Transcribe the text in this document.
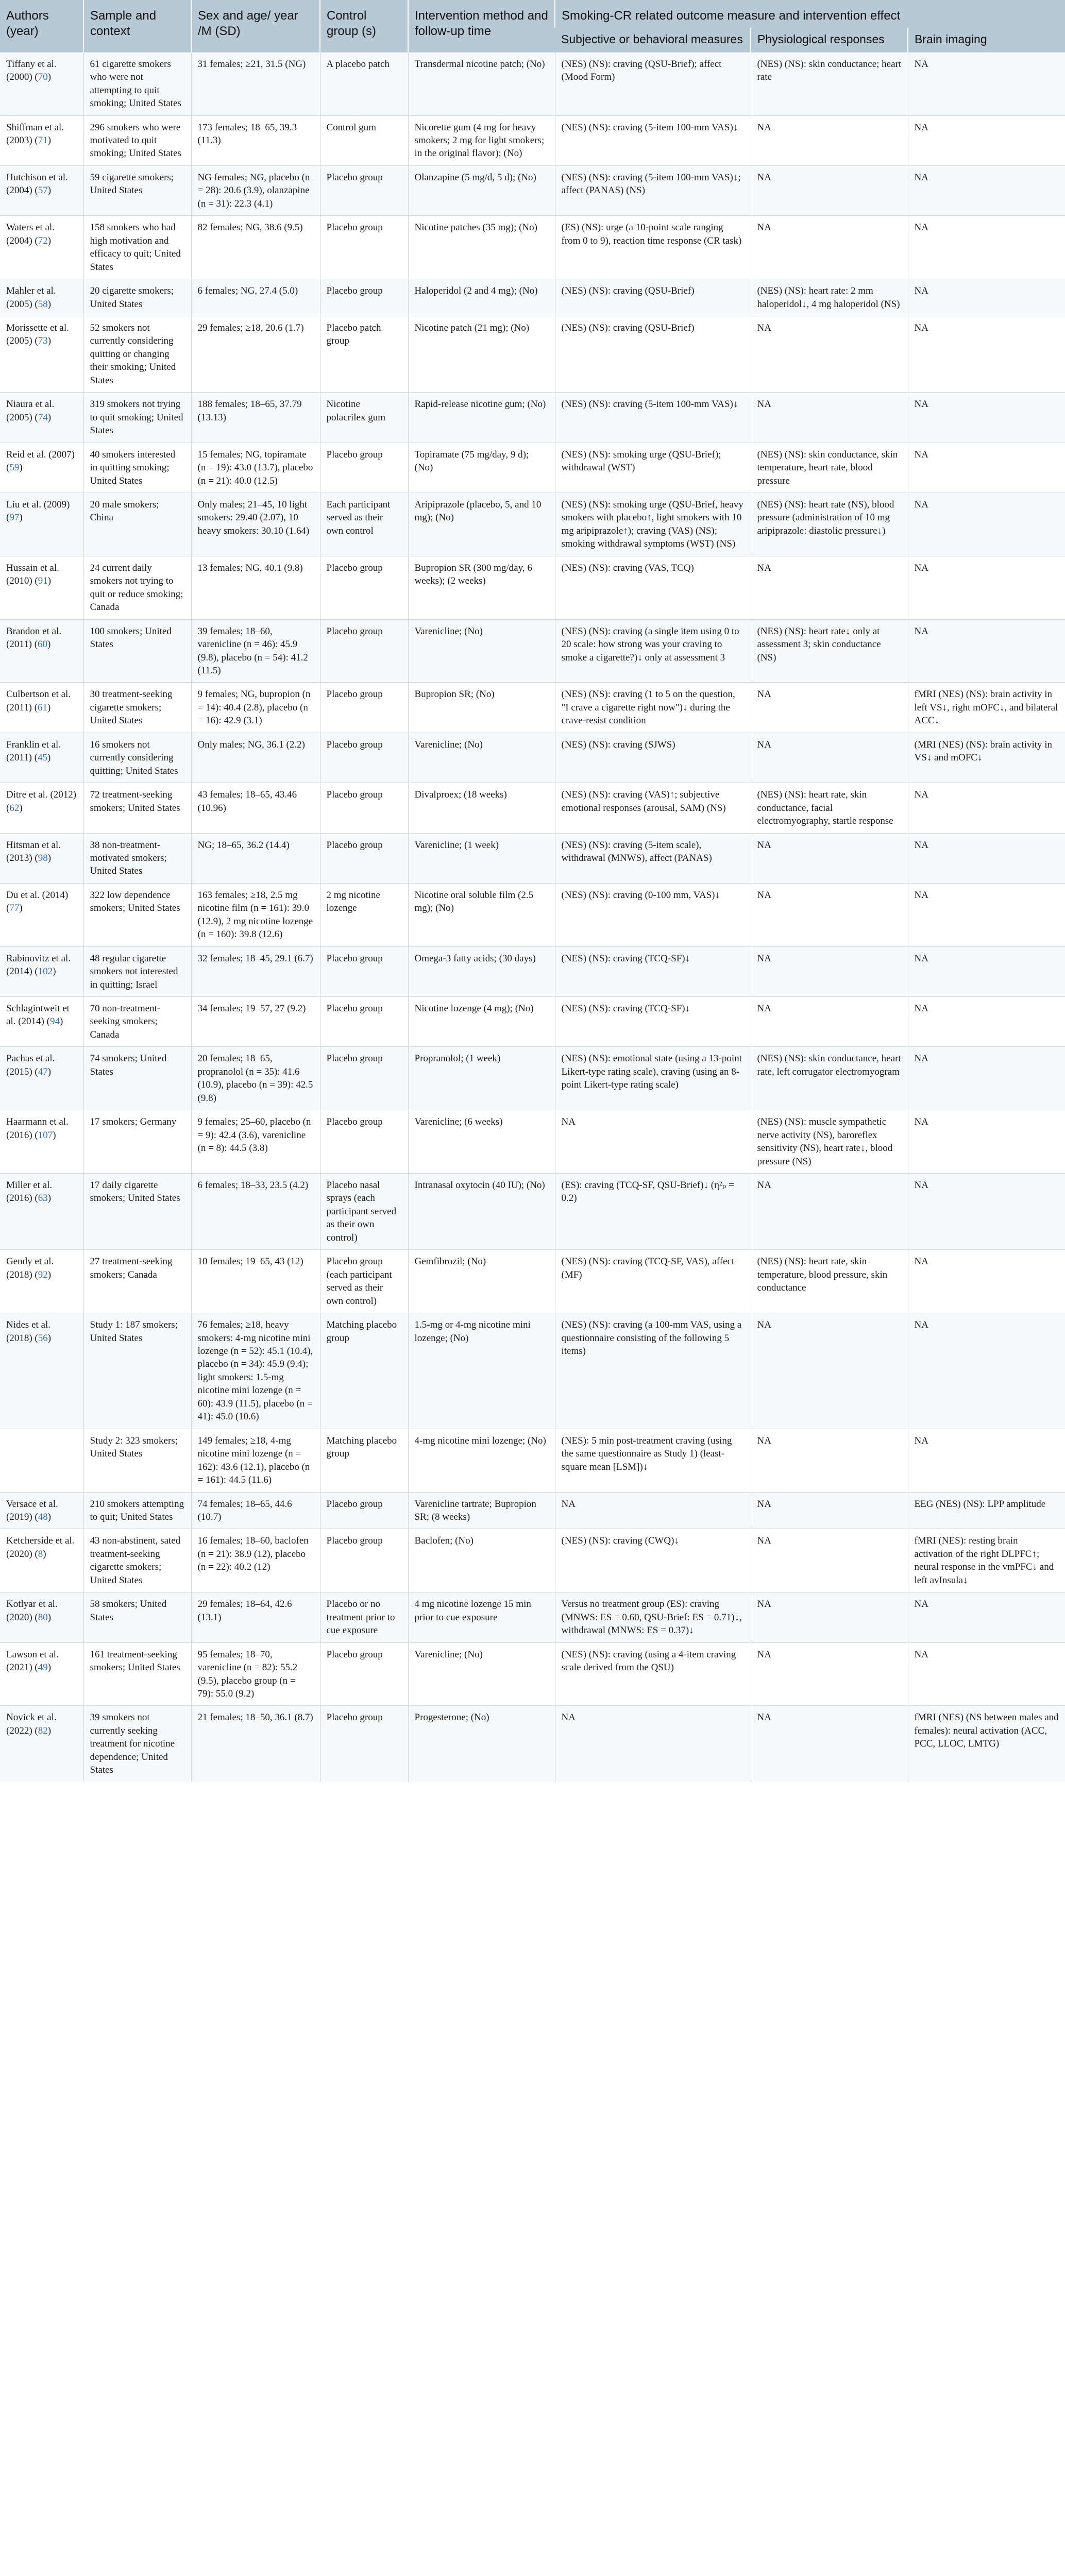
Authors (year)	Sample and context	Sex and age/ year /M (SD)	Control group (s)	Intervention method and follow-up time	Smoking-CR related outcome measure and intervention effect		
					Subjective or behavioral measures	Physiological responses	Brain imaging
Tiffany et al. (2000) (70)	61 cigarette smokers who were not attempting to quit smoking; United States	31 females; ≥21, 31.5 (NG)	A placebo patch	Transdermal nicotine patch; (No)	(NES) (NS): craving (QSU-Brief); affect (Mood Form)	(NES) (NS): skin conductance; heart rate	NA
Shiffman et al. (2003) (71)	296 smokers who were motivated to quit smoking; United States	173 females; 18–65, 39.3 (11.3)	Control gum	Nicorette gum (4 mg for heavy smokers; 2 mg for light smokers; in the original flavor); (No)	(NES) (NS): craving (5-item 100-mm VAS)↓	NA	NA
Hutchison et al. (2004) (57)	59 cigarette smokers; United States	NG females; NG, placebo (n = 28): 20.6 (3.9), olanzapine (n = 31): 22.3 (4.1)	Placebo group	Olanzapine (5 mg/d, 5 d); (No)	(NES) (NS): craving (5-item 100-mm VAS)↓; affect (PANAS) (NS)	NA	NA
Waters et al. (2004) (72)	158 smokers who had high motivation and efficacy to quit; United States	82 females; NG, 38.6 (9.5)	Placebo group	Nicotine patches (35 mg); (No)	(ES) (NS): urge (a 10-point scale ranging from 0 to 9), reaction time response (CR task)	NA	NA
Mahler et al. (2005) (58)	20 cigarette smokers; United States	6 females; NG, 27.4 (5.0)	Placebo group	Haloperidol (2 and 4 mg); (No)	(NES) (NS): craving (QSU-Brief)	(NES) (NS): heart rate: 2 mm haloperidol↓, 4 mg haloperidol (NS)	NA
Morissette et al. (2005) (73)	52 smokers not currently considering quitting or changing their smoking; United States	29 females; ≥18, 20.6 (1.7)	Placebo patch group	Nicotine patch (21 mg); (No)	(NES) (NS): craving (QSU-Brief)	NA	NA
Niaura et al. (2005) (74)	319 smokers not trying to quit smoking; United States	188 females; 18–65, 37.79 (13.13)	Nicotine polacrilex gum	Rapid-release nicotine gum; (No)	(NES) (NS): craving (5-item 100-mm VAS)↓	NA	NA
Reid et al. (2007) (59)	40 smokers interested in quitting smoking; United States	15 females; NG, topiramate (n = 19): 43.0 (13.7), placebo (n = 21): 40.0 (12.5)	Placebo group	Topiramate (75 mg/day, 9 d); (No)	(NES) (NS): smoking urge (QSU-Brief); withdrawal (WST)	(NES) (NS): skin conductance, skin temperature, heart rate, blood pressure	NA
Liu et al. (2009) (97)	20 male smokers; China	Only males; 21–45, 10 light smokers: 29.40 (2.07), 10 heavy smokers: 30.10 (1.64)	Each participant served as their own control	Aripiprazole (placebo, 5, and 10 mg); (No)	(NES) (NS): smoking urge (QSU-Brief, heavy smokers with placebo↑, light smokers with 10 mg aripiprazole↑); craving (VAS) (NS); smoking withdrawal symptoms (WST) (NS)	(NES) (NS): heart rate (NS), blood pressure (administration of 10 mg aripiprazole: diastolic pressure↓)	NA
Hussain et al. (2010) (91)	24 current daily smokers not trying to quit or reduce smoking; Canada	13 females; NG, 40.1 (9.8)	Placebo group	Bupropion SR (300 mg/day, 6 weeks); (2 weeks)	(NES) (NS): craving (VAS, TCQ)	NA	NA
Brandon et al. (2011) (60)	100 smokers; United States	39 females; 18–60, varenicline (n = 46): 45.9 (9.8), placebo (n = 54): 41.2 (11.5)	Placebo group	Varenicline; (No)	(NES) (NS): craving (a single item using 0 to 20 scale: how strong was your craving to smoke a cigarette?)↓ only at assessment 3	(NES) (NS): heart rate↓ only at assessment 3; skin conductance (NS)	NA
Culbertson et al. (2011) (61)	30 treatment-seeking cigarette smokers; United States	9 females; NG, bupropion (n = 14): 40.4 (2.8), placebo (n = 16): 42.9 (3.1)	Placebo group	Bupropion SR; (No)	(NES) (NS): craving (1 to 5 on the question, "I crave a cigarette right now")↓ during the crave-resist condition	NA	fMRI (NES) (NS): brain activity in left VS↓, right mOFC↓, and bilateral ACC↓
Franklin et al. (2011) (45)	16 smokers not currently considering quitting; United States	Only males; NG, 36.1 (2.2)	Placebo group	Varenicline; (No)	(NES) (NS): craving (SJWS)	NA	(MRI (NES) (NS): brain activity in VS↓ and mOFC↓
Ditre et al. (2012) (62)	72 treatment-seeking smokers; United States	43 females; 18–65, 43.46 (10.96)	Placebo group	Divalproex; (18 weeks)	(NES) (NS): craving (VAS)↑; subjective emotional responses (arousal, SAM) (NS)	(NES) (NS): heart rate, skin conductance, facial electromyography, startle response	NA
Hitsman et al. (2013) (98)	38 non-treatment-motivated smokers; United States	NG; 18–65, 36.2 (14.4)	Placebo group	Varenicline; (1 week)	(NES) (NS): craving (5-item scale), withdrawal (MNWS), affect (PANAS)	NA	NA
Du et al. (2014) (77)	322 low dependence smokers; United States	163 females; ≥18, 2.5 mg nicotine film (n = 161): 39.0 (12.9), 2 mg nicotine lozenge (n = 160): 39.8 (12.6)	2 mg nicotine lozenge	Nicotine oral soluble film (2.5 mg); (No)	(NES) (NS): craving (0-100 mm, VAS)↓	NA	NA
Rabinovitz et al. (2014) (102)	48 regular cigarette smokers not interested in quitting; Israel	32 females; 18–45, 29.1 (6.7)	Placebo group	Omega-3 fatty acids; (30 days)	(NES) (NS): craving (TCQ-SF)↓	NA	NA
Schlagintweit et al. (2014) (94)	70 non-treatment-seeking smokers; Canada	34 females; 19–57, 27 (9.2)	Placebo group	Nicotine lozenge (4 mg); (No)	(NES) (NS): craving (TCQ-SF)↓	NA	NA
Pachas et al. (2015) (47)	74 smokers; United States	20 females; 18–65, propranolol (n = 35): 41.6 (10.9), placebo (n = 39): 42.5 (9.8)	Placebo group	Propranolol; (1 week)	(NES) (NS): emotional state (using a 13-point Likert-type rating scale), craving (using an 8-point Likert-type rating scale)	(NES) (NS): skin conductance, heart rate, left corrugator electromyogram	NA
Haarmann et al. (2016) (107)	17 smokers; Germany	9 females; 25–60, placebo (n = 9): 42.4 (3.6), varenicline (n = 8): 44.5 (3.8)	Placebo group	Varenicline; (6 weeks)	NA	(NES) (NS): muscle sympathetic nerve activity (NS), baroreflex sensitivity (NS), heart rate↓, blood pressure (NS)	NA
Miller et al. (2016) (63)	17 daily cigarette smokers; United States	6 females; 18–33, 23.5 (4.2)	Placebo nasal sprays (each participant served as their own control)	Intranasal oxytocin (40 IU); (No)	(ES): craving (TCQ-SF, QSU-Brief)↓ (η²ₚ = 0.2)	NA	NA
Gendy et al. (2018) (92)	27 treatment-seeking smokers; Canada	10 females; 19–65, 43 (12)	Placebo group (each participant served as their own control)	Gemfibrozil; (No)	(NES) (NS): craving (TCQ-SF, VAS), affect (MF)	(NES) (NS): heart rate, skin temperature, blood pressure, skin conductance	NA
Nides et al. (2018) (56)	Study 1: 187 smokers; United States	76 females; ≥18, heavy smokers: 4-mg nicotine mini lozenge (n = 52): 45.1 (10.4), placebo (n = 34): 45.9 (9.4); light smokers: 1.5-mg nicotine mini lozenge (n = 60): 43.9 (11.5), placebo (n = 41): 45.0 (10.6)	Matching placebo group	1.5-mg or 4-mg nicotine mini lozenge; (No)	(NES) (NS): craving (a 100-mm VAS, using a questionnaire consisting of the following 5 items)	NA	NA
	Study 2: 323 smokers; United States	149 females; ≥18, 4-mg nicotine mini lozenge (n = 162): 43.6 (12.1), placebo (n = 161): 44.5 (11.6)	Matching placebo group	4-mg nicotine mini lozenge; (No)	(NES): 5 min post-treatment craving (using the same questionnaire as Study 1) (least-square mean [LSM])↓	NA	NA
Versace et al. (2019) (48)	210 smokers attempting to quit; United States	74 females; 18–65, 44.6 (10.7)	Placebo group	Varenicline tartrate; Bupropion SR; (8 weeks)	NA	NA	EEG (NES) (NS): LPP amplitude
Ketcherside et al. (2020) (8)	43 non-abstinent, sated treatment-seeking cigarette smokers; United States	16 females; 18–60, baclofen (n = 21): 38.9 (12), placebo (n = 22): 40.2 (12)	Placebo group	Baclofen; (No)	(NES) (NS): craving (CWQ)↓	NA	fMRI (NES): resting brain activation of the right DLPFC↑; neural response in the vmPFC↓ and left avInsula↓
Kotlyar et al. (2020) (80)	58 smokers; United States	29 females; 18–64, 42.6 (13.1)	Placebo or no treatment prior to cue exposure	4 mg nicotine lozenge 15 min prior to cue exposure	Versus no treatment group (ES): craving (MNWS: ES = 0.60, QSU-Brief: ES = 0.71)↓, withdrawal (MNWS: ES = 0.37)↓	NA	NA
Lawson et al. (2021) (49)	161 treatment-seeking smokers; United States	95 females; 18–70, varenicline (n = 82): 55.2 (9.5), placebo group (n = 79): 55.0 (9.2)	Placebo group	Varenicline; (No)	(NES) (NS): craving (using a 4-item craving scale derived from the QSU)	NA	NA
Novick et al. (2022) (82)	39 smokers not currently seeking treatment for nicotine dependence; United States	21 females; 18–50, 36.1 (8.7)	Placebo group	Progesterone; (No)	NA	NA	fMRI (NES) (NS between males and females): neural activation (ACC, PCC, LLOC, LMTG)
